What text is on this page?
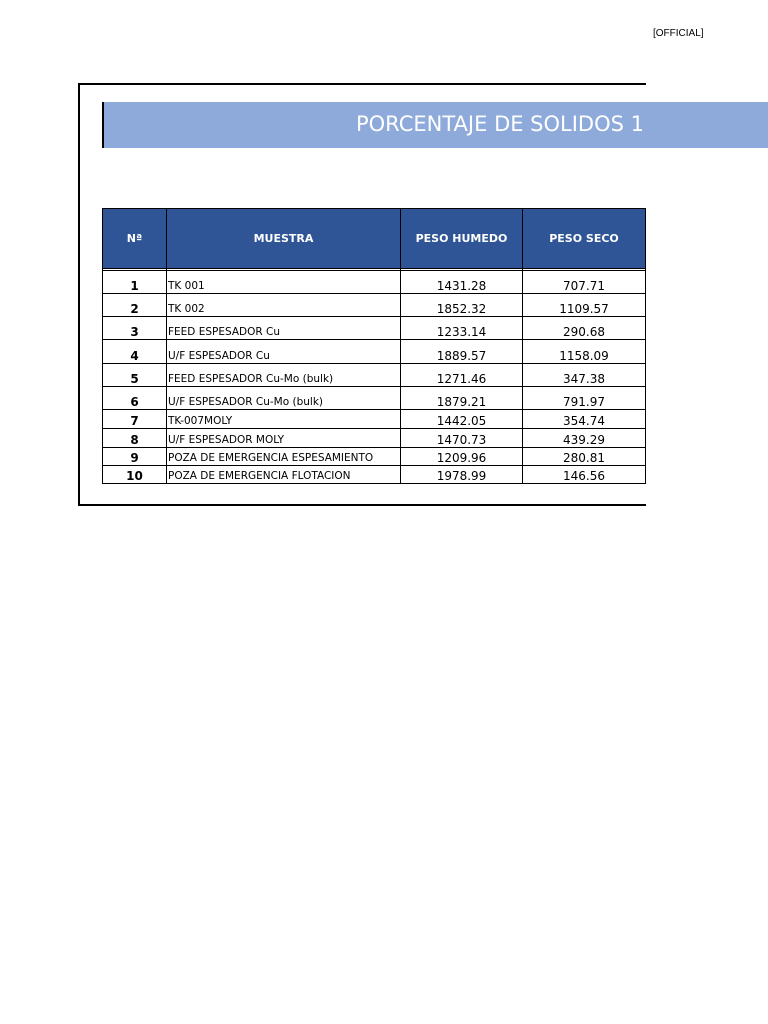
[OFFICIAL]
PORCENTAJE DE SOLIDOS 1
Nª	MUESTRA	PESO HUMEDO	PESO SECO

1	TK 001	1431.28	707.71
2	TK 002	1852.32	1109.57
3	FEED ESPESADOR Cu	1233.14	290.68
4	U/F ESPESADOR Cu	1889.57	1158.09
5	FEED ESPESADOR Cu-Mo (bulk)	1271.46	347.38
6	U/F ESPESADOR Cu-Mo (bulk)	1879.21	791.97
7	TK-007MOLY	1442.05	354.74
8	U/F ESPESADOR MOLY	1470.73	439.29
9	POZA DE EMERGENCIA ESPESAMIENTO	1209.96	280.81
10	POZA DE EMERGENCIA FLOTACION	1978.99	146.56
